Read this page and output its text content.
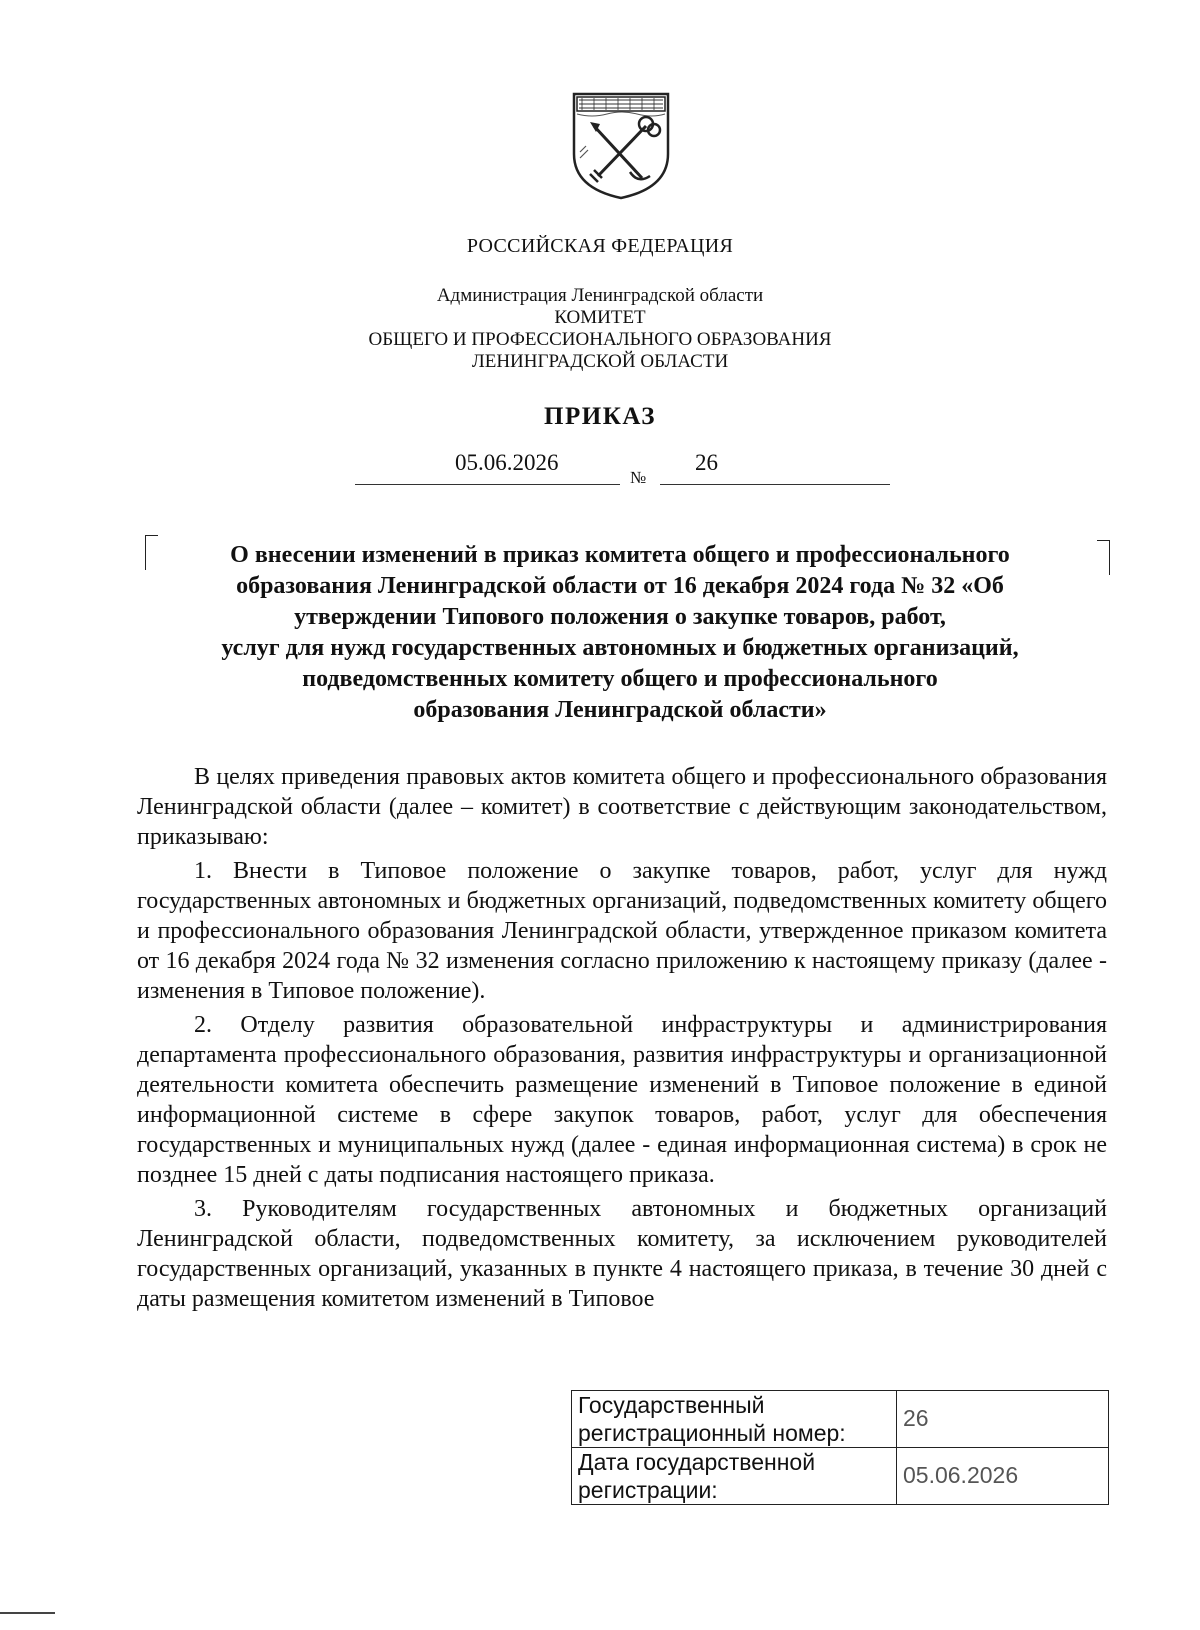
РОССИЙСКАЯ ФЕДЕРАЦИЯ
Администрация Ленинградской области
КОМИТЕТ
ОБЩЕГО И ПРОФЕССИОНАЛЬНОГО ОБРАЗОВАНИЯ
ЛЕНИНГРАДСКОЙ ОБЛАСТИ
ПРИКАЗ
05.06.2026
№
26
О внесении изменений в приказ комитета общего и профессионального
образования Ленинградской области от 16 декабря 2024 года № 32 «Об
утверждении Типового положения о закупке товаров, работ,
услуг для нужд государственных автономных и бюджетных организаций,
подведомственных комитету общего и профессионального
образования Ленинградской области»

В целях приведения правовых актов комитета общего и профессионального образования Ленинградской области (далее – комитет) в соответствие с действующим законодательством, приказываю:

1. Внести в Типовое положение о закупке товаров, работ, услуг для нужд государственных автономных и бюджетных организаций, подведомственных комитету общего и профессионального образования Ленинградской области, утвержденное приказом комитета от 16 декабря 2024 года № 32 изменения согласно приложению к настоящему приказу (далее - изменения в Типовое положение).

2. Отделу развития образовательной инфраструктуры и администрирования департамента профессионального образования, развития инфраструктуры и организационной деятельности комитета обеспечить размещение изменений в Типовое положение в единой информационной системе в сфере закупок товаров, работ, услуг для обеспечения государственных и муниципальных нужд (далее - единая информационная система) в срок не позднее 15 дней с даты подписания настоящего приказа.

3. Руководителям государственных автономных и бюджетных организаций Ленинградской области, подведомственных комитету, за исключением руководителей государственных организаций, указанных в пункте 4 настоящего приказа, в течение 30 дней с даты размещения комитетом изменений в Типовое

Государственный регистрационный номер:	26
Дата государственной регистрации:	05.06.2026
